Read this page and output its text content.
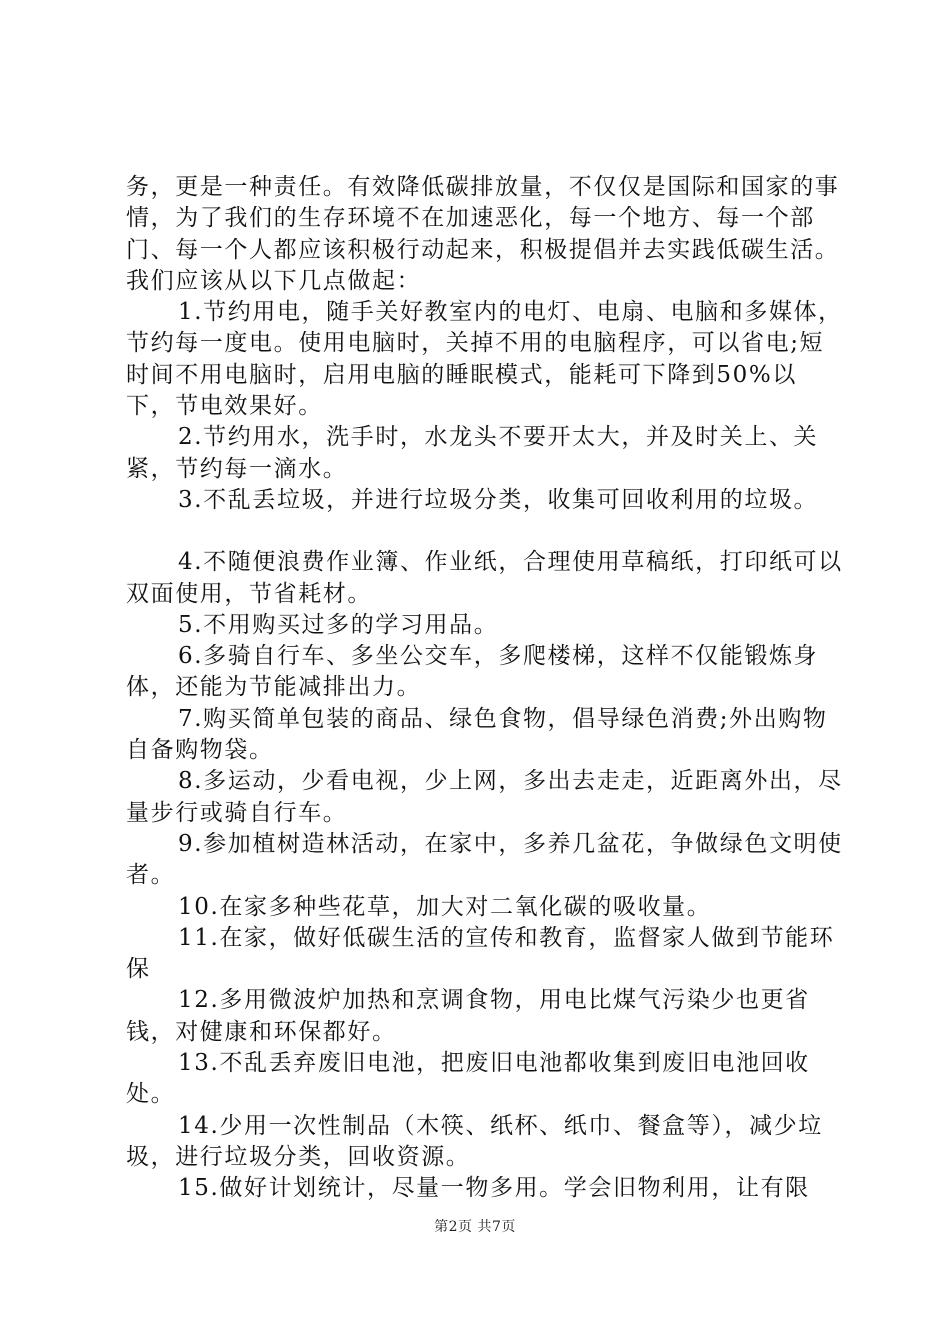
务，更是一种责任。有效降低碳排放量，不仅仅是国际和国家的事情，为了我们的生存环境不在加速恶化，每一个地方、每一个部门、每一个人都应该积极行动起来，积极提倡并去实践低碳生活。我们应该从以下几点做起：

1.节约用电，随手关好教室内的电灯、电扇、电脑和多媒体，节约每一度电。使用电脑时，关掉不用的电脑程序，可以省电;短时间不用电脑时，启用电脑的睡眠模式，能耗可下降到50%以下，节电效果好。

2.节约用水，洗手时，水龙头不要开太大，并及时关上、关紧，节约每一滴水。

3.不乱丢垃圾，并进行垃圾分类，收集可回收利用的垃圾。

4.不随便浪费作业簿、作业纸，合理使用草稿纸，打印纸可以双面使用，节省耗材。

5.不用购买过多的学习用品。

6.多骑自行车、多坐公交车，多爬楼梯，这样不仅能锻炼身体，还能为节能减排出力。

7.购买简单包装的商品、绿色食物，倡导绿色消费;外出购物自备购物袋。

8.多运动，少看电视，少上网，多出去走走，近距离外出，尽量步行或骑自行车。

9.参加植树造林活动，在家中，多养几盆花，争做绿色文明使者。

10.在家多种些花草，加大对二氧化碳的吸收量。

11.在家，做好低碳生活的宣传和教育，监督家人做到节能环保

12.多用微波炉加热和烹调食物，用电比煤气污染少也更省钱，对健康和环保都好。

13.不乱丢弃废旧电池，把废旧电池都收集到废旧电池回收处。

14.少用一次性制品（木筷、纸杯、纸巾、餐盒等），减少垃圾，进行垃圾分类，回收资源。

15.做好计划统计，尽量一物多用。学会旧物利用，让有限

第2页 共7页
